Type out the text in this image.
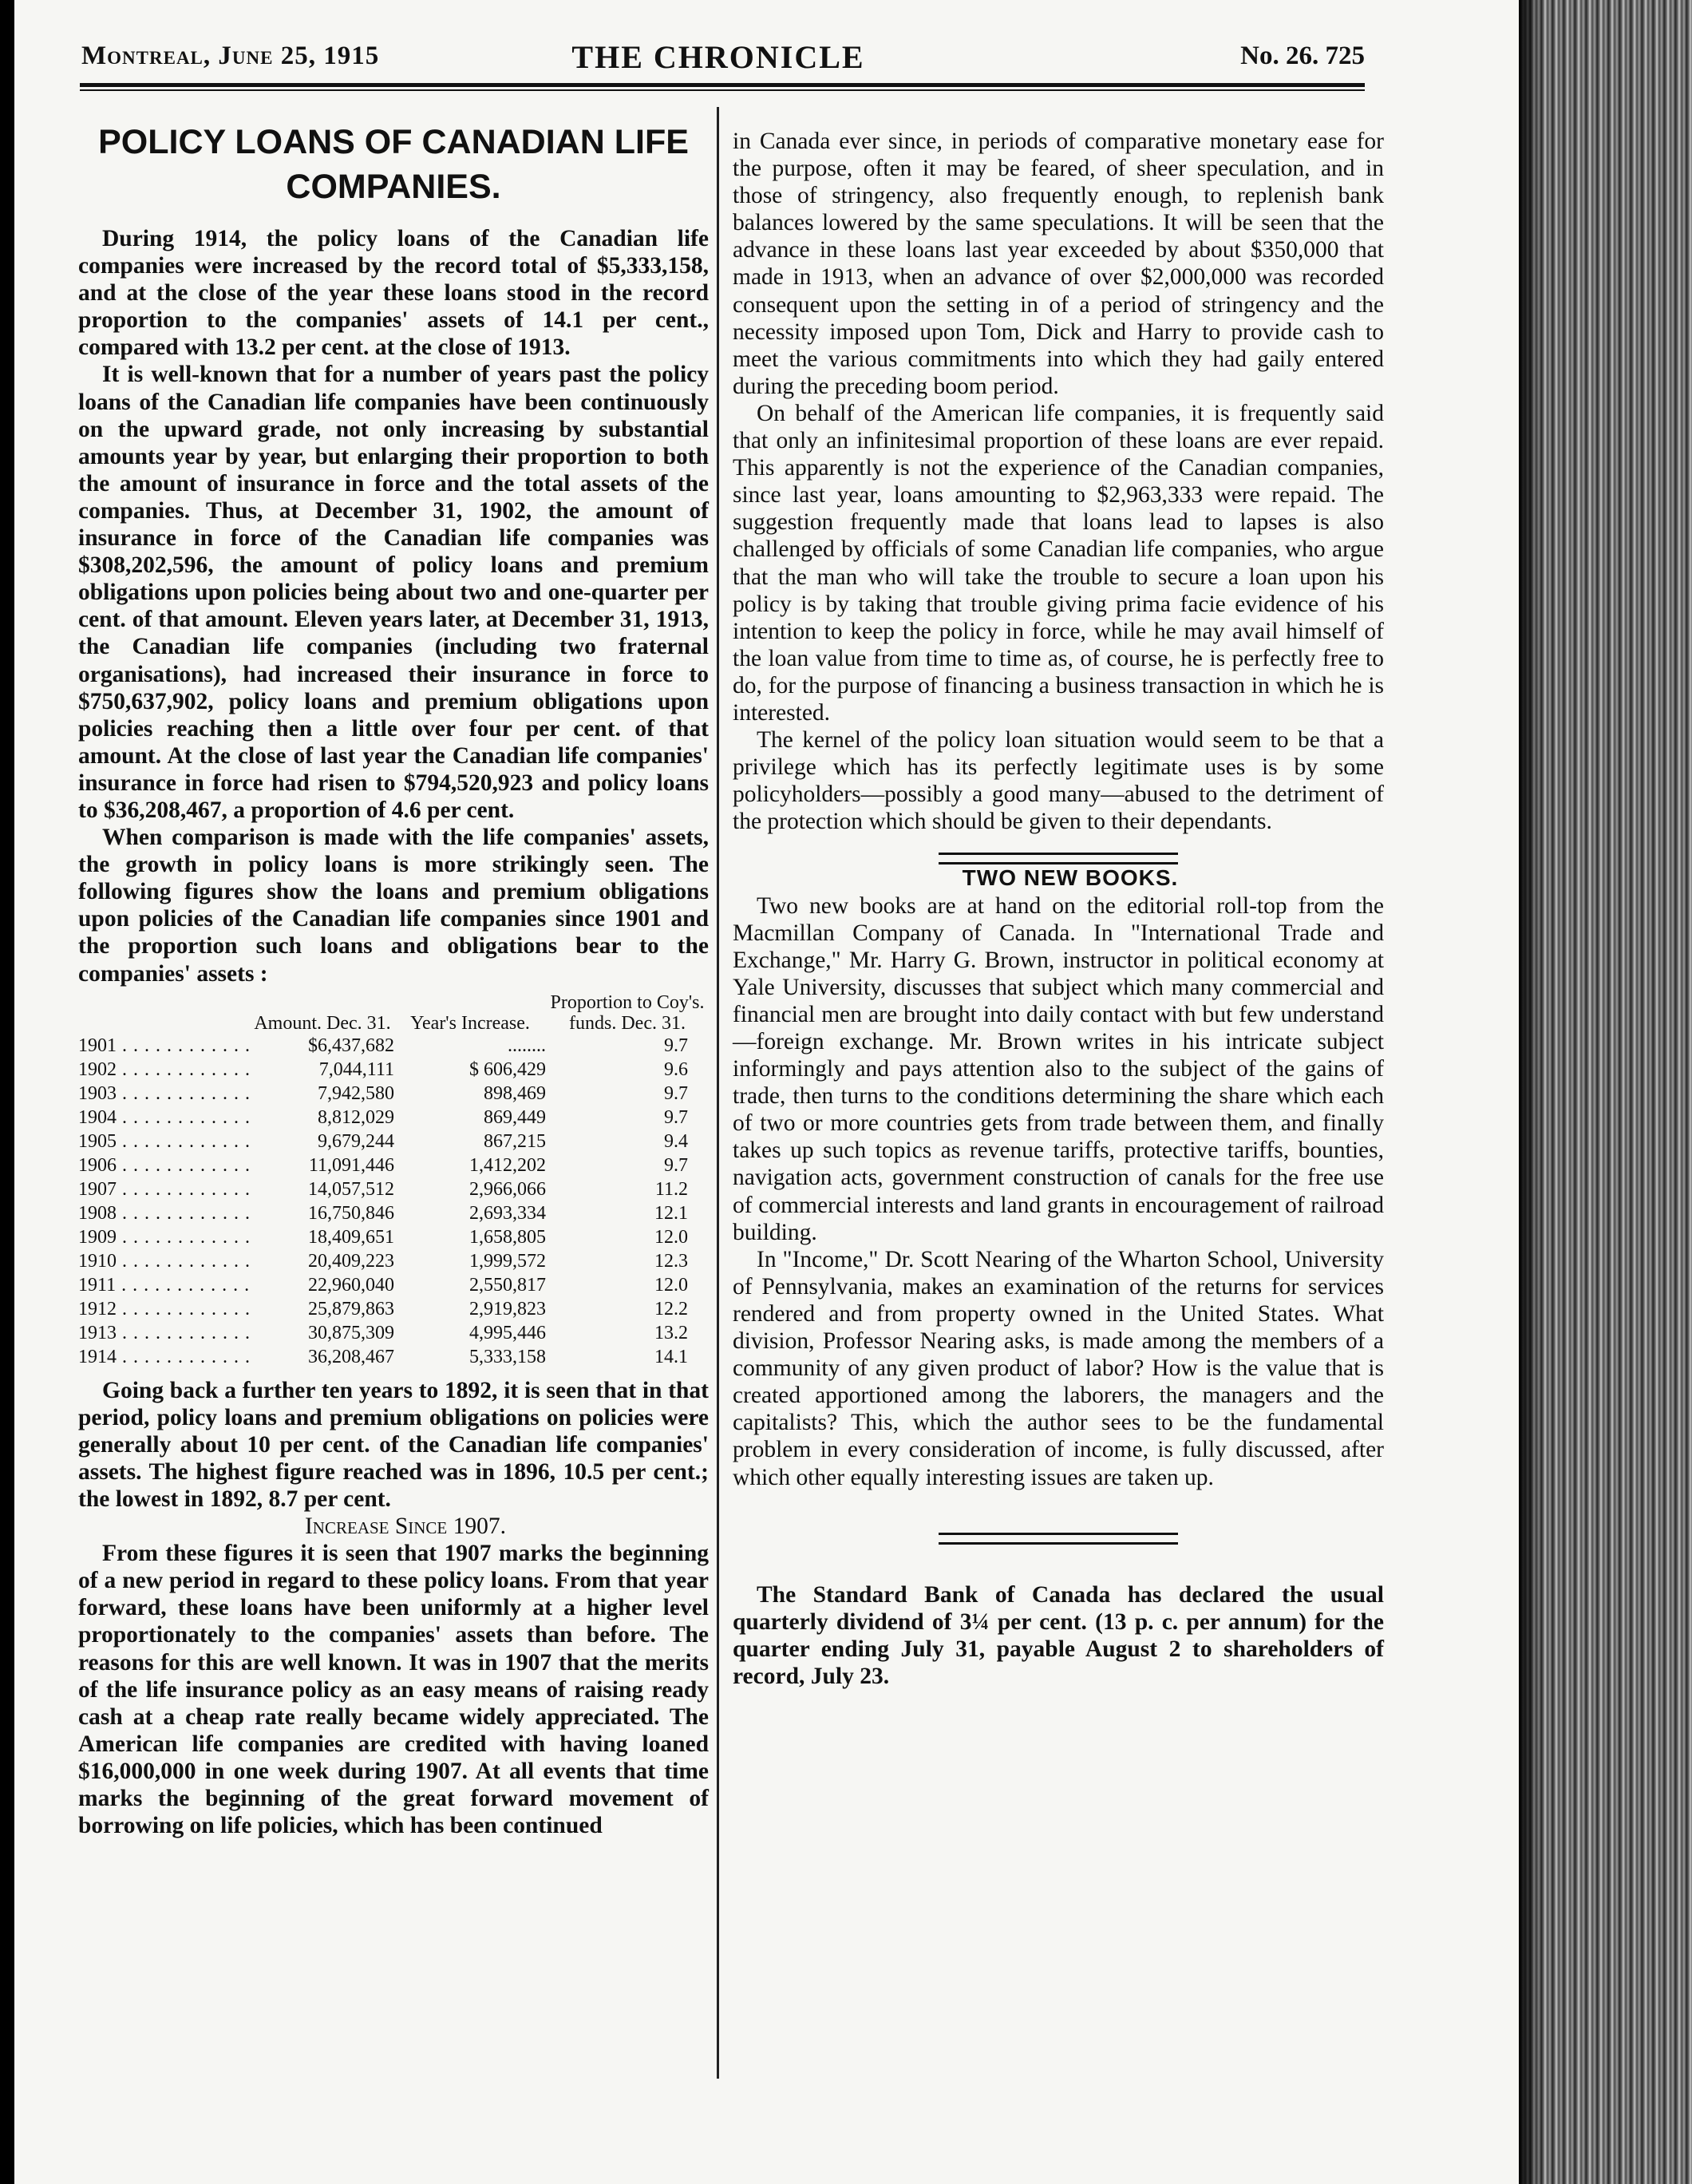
Montreal, June 25, 1915	THE CHRONICLE	No. 26. 725
POLICY LOANS OF CANADIAN LIFE COMPANIES.

During 1914, the policy loans of the Canadian life companies were increased by the record total of $5,333,158, and at the close of the year these loans stood in the record proportion to the companies' assets of 14.1 per cent., compared with 13.2 per cent. at the close of 1913.

It is well-known that for a number of years past the policy loans of the Canadian life companies have been continuously on the upward grade, not only increasing by substantial amounts year by year, but enlarging their proportion to both the amount of insurance in force and the total assets of the companies. Thus, at December 31, 1902, the amount of insurance in force of the Canadian life companies was $308,202,596, the amount of policy loans and premium obligations upon policies being about two and one-quarter per cent. of that amount. Eleven years later, at December 31, 1913, the Canadian life companies (including two fraternal organisations), had increased their insurance in force to $750,637,902, policy loans and premium obligations upon policies reaching then a little over four per cent. of that amount. At the close of last year the Canadian life companies' insurance in force had risen to $794,520,923 and policy loans to $36,208,467, a proportion of 4.6 per cent.

When comparison is made with the life companies' assets, the growth in policy loans is more strikingly seen. The following figures show the loans and premium obligations upon policies of the Canadian life companies since 1901 and the proportion such loans and obligations bear to the companies' assets :

	Amount. Dec. 31.	Year's Increase.	Proportion to Coy's. funds. Dec. 31.
1901 . . .	$6,437,682	........	9.7
1902 . . .	7,044,111	$ 606,429	9.6
1903 . . .	7,942,580	898,469	9.7
1904 . . .	8,812,029	869,449	9.7
1905 . . .	9,679,244	867,215	9.4
1906 . . .	11,091,446	1,412,202	9.7
1907 . . .	14,057,512	2,966,066	11.2
1908 . . .	16,750,846	2,693,334	12.1
1909 . . .	18,409,651	1,658,805	12.0
1910 . . .	20,409,223	1,999,572	12.3
1911 . . .	22,960,040	2,550,817	12.0
1912 . . .	25,879,863	2,919,823	12.2
1913 . . .	30,875,309	4,995,446	13.2
1914 . . .	36,208,467	5,333,158	14.1

Going back a further ten years to 1892, it is seen that in that period, policy loans and premium obligations on policies were generally about 10 per cent. of the Canadian life companies' assets. The highest figure reached was in 1896, 10.5 per cent.; the lowest in 1892, 8.7 per cent.

Increase Since 1907.

From these figures it is seen that 1907 marks the beginning of a new period in regard to these policy loans. From that year forward, these loans have been uniformly at a higher level proportionately to the companies' assets than before. The reasons for this are well known. It was in 1907 that the merits of the life insurance policy as an easy means of raising ready cash at a cheap rate really became widely appreciated. The American life companies are credited with having loaned $16,000,000 in one week during 1907. At all events that time marks the beginning of the great forward movement of borrowing on life policies, which has been continued

in Canada ever since, in periods of comparative monetary ease for the purpose, often it may be feared, of sheer speculation, and in those of stringency, also frequently enough, to replenish bank balances lowered by the same speculations. It will be seen that the advance in these loans last year exceeded by about $350,000 that made in 1913, when an advance of over $2,000,000 was recorded consequent upon the setting in of a period of stringency and the necessity imposed upon Tom, Dick and Harry to provide cash to meet the various commitments into which they had gaily entered during the preceding boom period.

On behalf of the American life companies, it is frequently said that only an infinitesimal proportion of these loans are ever repaid. This apparently is not the experience of the Canadian companies, since last year, loans amounting to $2,963,333 were repaid. The suggestion frequently made that loans lead to lapses is also challenged by officials of some Canadian life companies, who argue that the man who will take the trouble to secure a loan upon his policy is by taking that trouble giving prima facie evidence of his intention to keep the policy in force, while he may avail himself of the loan value from time to time as, of course, he is perfectly free to do, for the purpose of financing a business transaction in which he is interested.

The kernel of the policy loan situation would seem to be that a privilege which has its perfectly legitimate uses is by some policyholders—possibly a good many—abused to the detriment of the protection which should be given to their dependants.

TWO NEW BOOKS.

Two new books are at hand on the editorial roll-top from the Macmillan Company of Canada. In "International Trade and Exchange," Mr. Harry G. Brown, instructor in political economy at Yale University, discusses that subject which many commercial and financial men are brought into daily contact with but few understand—foreign exchange. Mr. Brown writes in his intricate subject informingly and pays attention also to the subject of the gains of trade, then turns to the conditions determining the share which each of two or more countries gets from trade between them, and finally takes up such topics as revenue tariffs, protective tariffs, bounties, navigation acts, government construction of canals for the free use of commercial interests and land grants in encouragement of railroad building.

In "Income," Dr. Scott Nearing of the Wharton School, University of Pennsylvania, makes an examination of the returns for services rendered and from property owned in the United States. What division, Professor Nearing asks, is made among the members of a community of any given product of labor? How is the value that is created apportioned among the laborers, the managers and the capitalists? This, which the author sees to be the fundamental problem in every consideration of income, is fully discussed, after which other equally interesting issues are taken up.

The Standard Bank of Canada has declared the usual quarterly dividend of 3¼ per cent. (13 p. c. per annum) for the quarter ending July 31, payable August 2 to shareholders of record, July 23.
